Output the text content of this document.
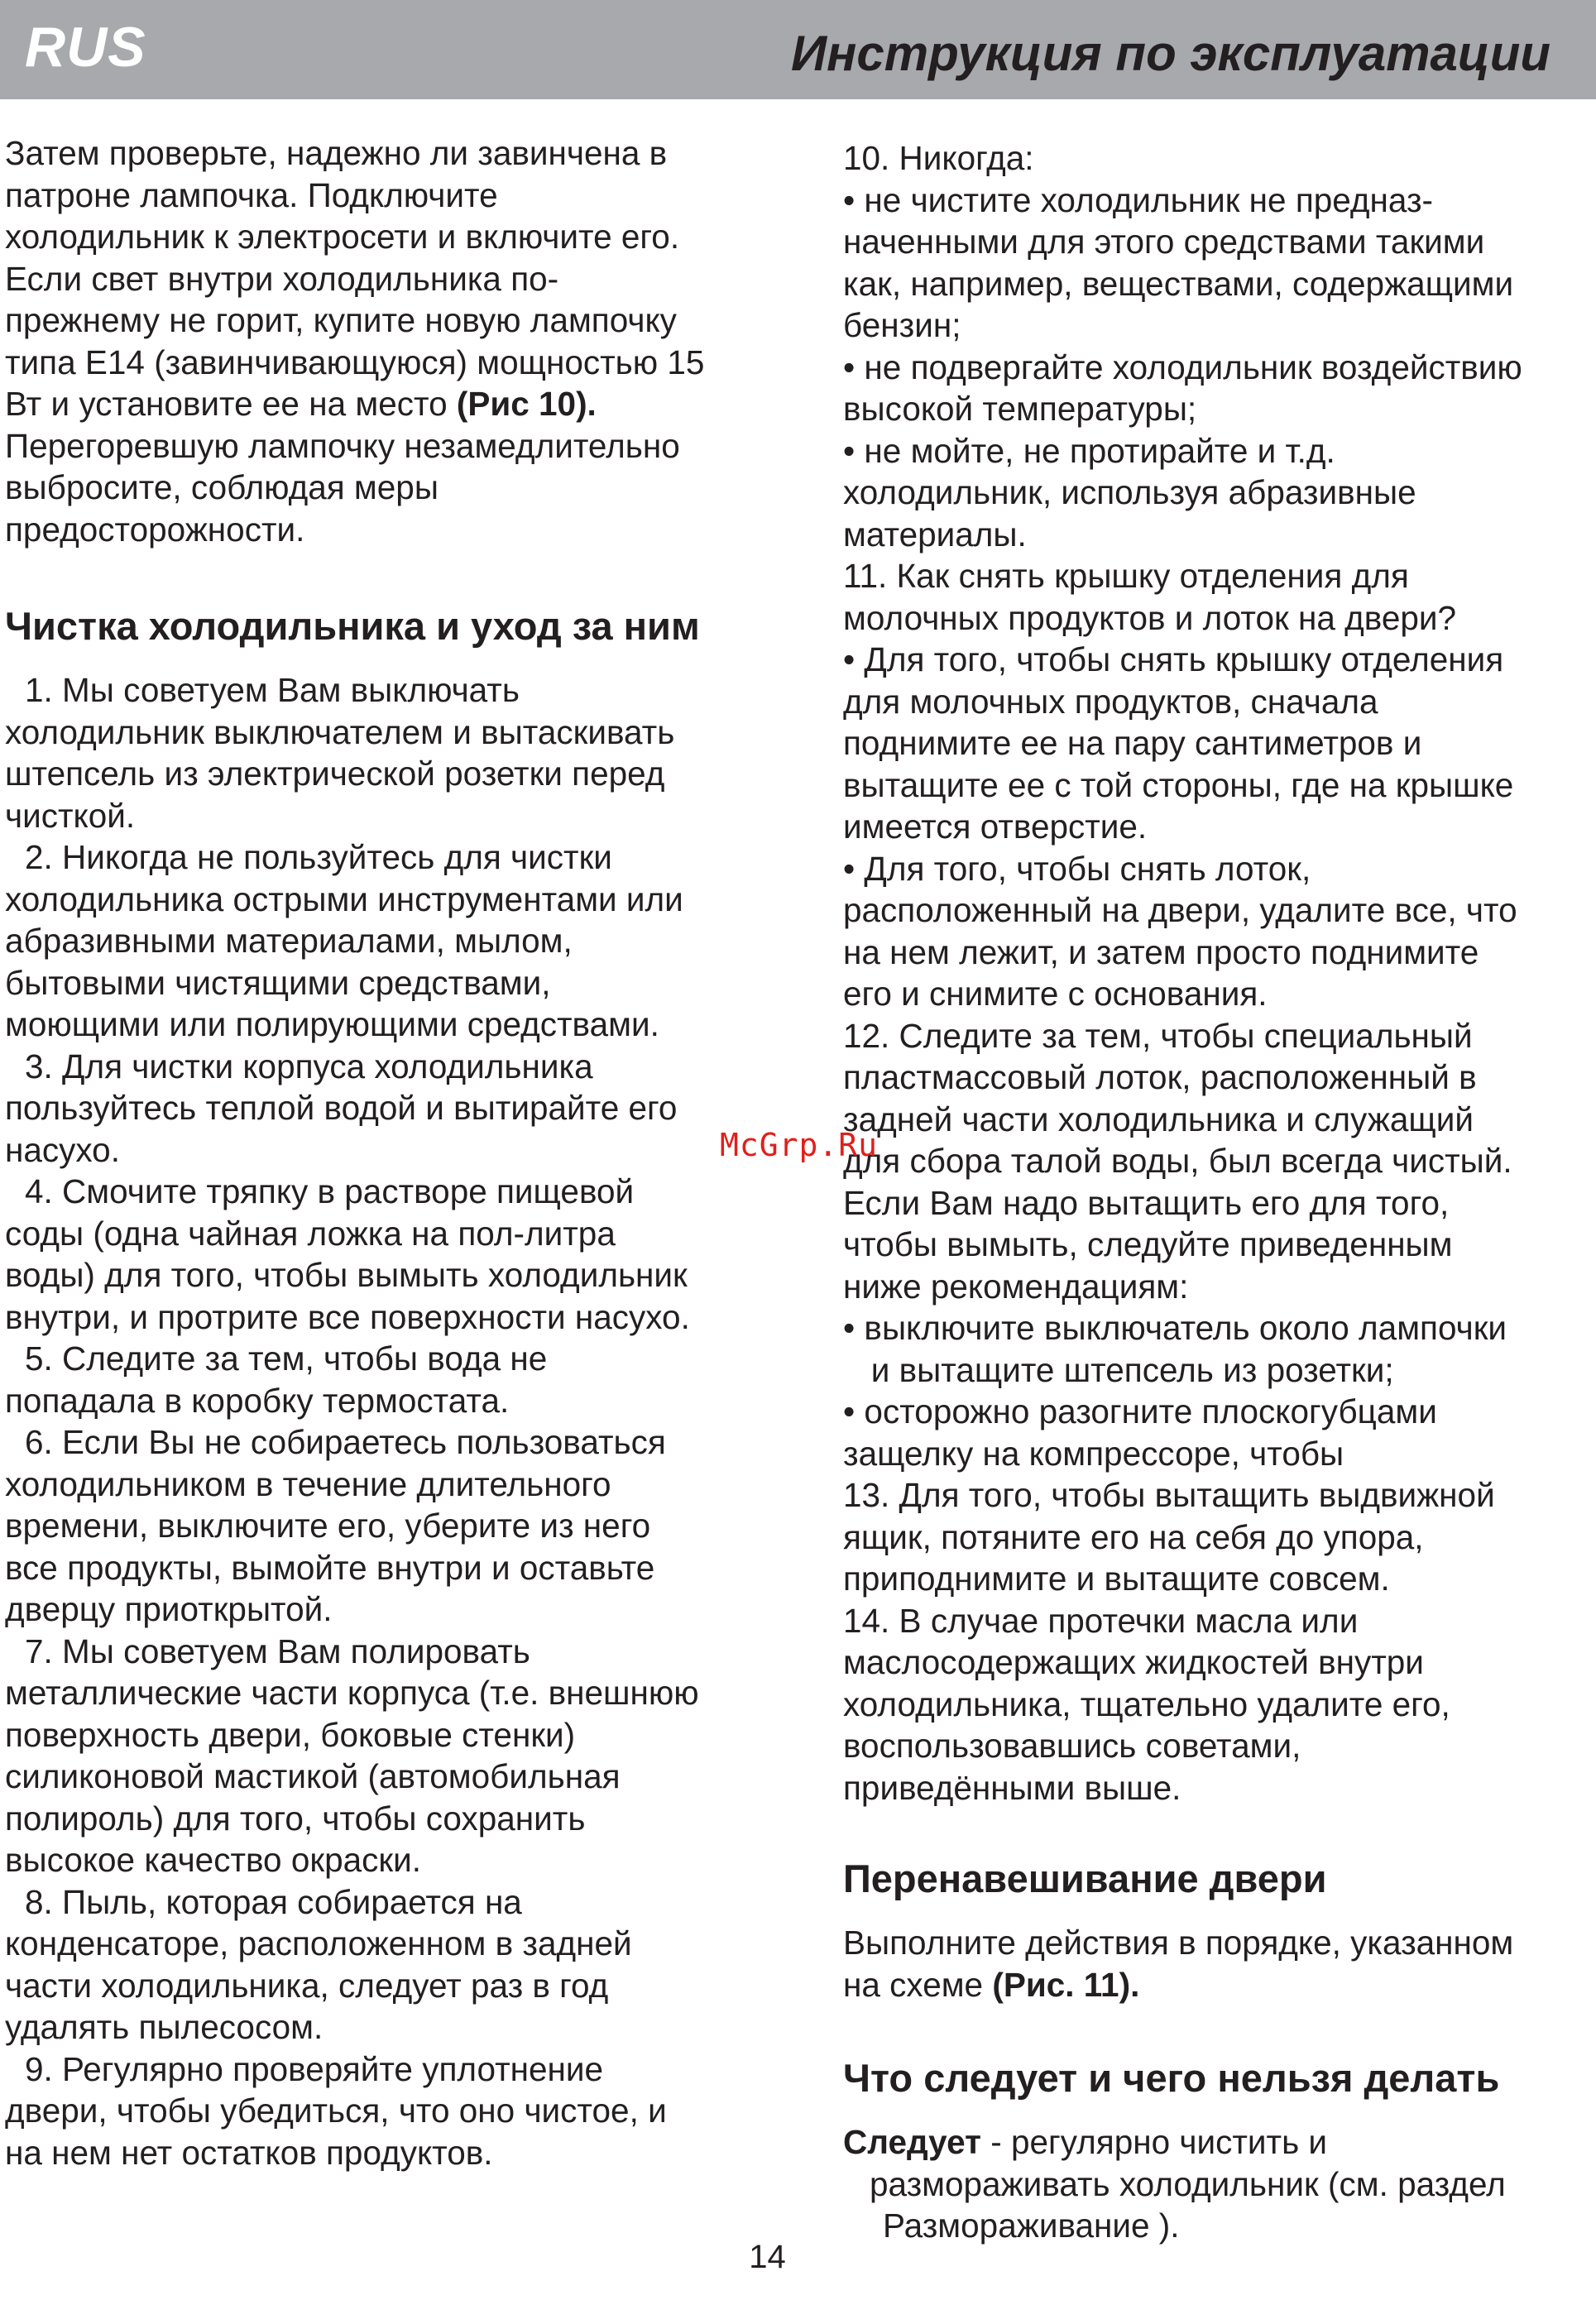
RUS	Инструкция по эксплуатации

Затем проверьте, надежно ли завинчена в

патроне лампочка. Подключите

холодильник к электросети и включите его.

Если свет внутри холодильника по-

прежнему не горит, купите новую лампочку

типа Е14 (завинчивающуюся) мощностью 15

Вт и установите ее на место (Рис 10).

Перегоревшую лампочку незамедлительно

выбросите, соблюдая меры

предосторожности.

Чистка холодильника и уход за ним

1. Мы советуем Вам выключать

холодильник выключателем и вытаскивать

штепсель из электрической розетки перед

чисткой.

2. Никогда не пользуйтесь для чистки

холодильника острыми инструментами или

абразивными материалами, мылом,

бытовыми чистящими средствами,

моющими или полирующими средствами.

3. Для чистки корпуса холодильника

пользуйтесь теплой водой и вытирайте его

насухо.

4. Смочите тряпку в растворе пищевой

соды (одна чайная ложка на пол-литра

воды) для того, чтобы вымыть холодильник

внутри, и протрите все поверхности насухо.

5. Следите за тем, чтобы вода не

попадала в коробку термостата.

6. Если Вы не собираетесь пользоваться

холодильником в течение длительного

времени, выключите его, уберите из него

все продукты, вымойте внутри и оставьте

дверцу приоткрытой.

7. Мы советуем Вам полировать

металлические части корпуса (т.е. внешнюю

поверхность двери, боковые стенки)

силиконовой мастикой (автомобильная

полироль) для того, чтобы сохранить

высокое качество окраски.

8. Пыль, которая собирается на

конденсаторе, расположенном в задней

части холодильника, следует раз в год

удалять пылесосом.

9. Регулярно проверяйте уплотнение

двери, чтобы убедиться, что оно чистое, и

на нем нет остатков продуктов.

10. Никогда:

• не чистите холодильник не предназ-

наченными для этого средствами такими

как, например, веществами, содержащими

бензин;

• не подвергайте холодильник воздействию

высокой температуры;

• не мойте, не протирайте и т.д.

холодильник, используя абразивные

материалы.

11. Как снять крышку отделения для

молочных продуктов и лоток на двери?

• Для того, чтобы снять крышку отделения

для молочных продуктов, сначала

поднимите ее на пару сантиметров и

вытащите ее с той стороны, где на крышке

имеется отверстие.

• Для того, чтобы снять лоток,

расположенный на двери, удалите все, что

на нем лежит, и затем просто поднимите

его и снимите с основания.

12. Следите за тем, чтобы специальный

пластмассовый лоток, расположенный в

задней части холодильника и служащий

для сбора талой воды, был всегда чистый.

Если Вам надо вытащить его для того,

чтобы вымыть, следуйте приведенным

ниже рекомендациям:

• выключите выключатель около лампочки

и вытащите штепсель из розетки;

• осторожно разогните плоскогубцами

защелку на компрессоре, чтобы

13. Для того, чтобы вытащить выдвижной

ящик, потяните его на себя до упора,

приподнимите и вытащите совсем.

14. В случае протечки масла или

маслосодержащих жидкостей внутри

холодильника, тщательно удалите его,

воспользовавшись советами,

приведёнными выше.

Перенавешивание двери

Выполните действия в порядке, указанном

на схеме (Рис. 11).

Что следует и чего нельзя делать

Следует - регулярно чистить и

размораживать холодильник (см. раздел

Размораживание ).

McGrp.Ru
14
